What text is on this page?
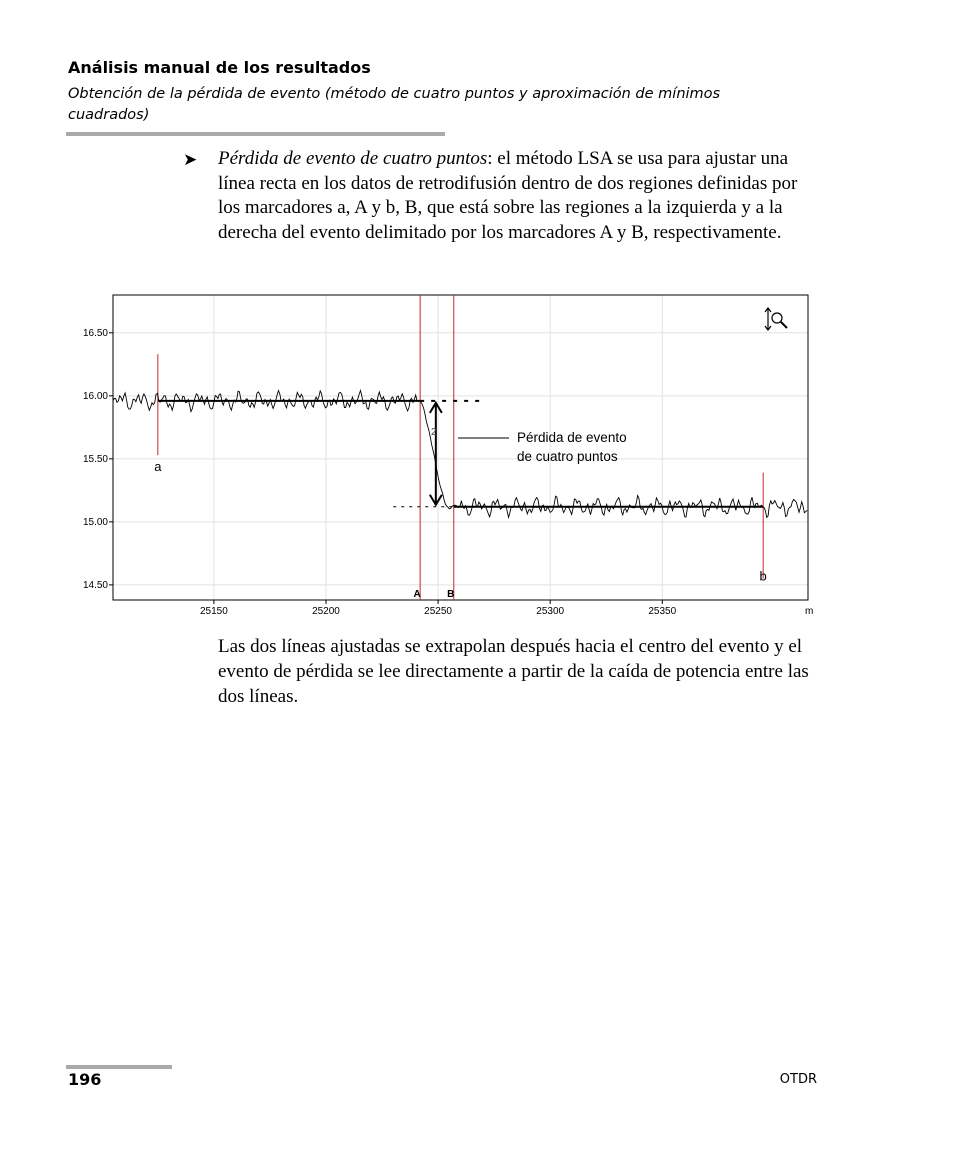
Análisis manual de los resultados
Obtención de la pérdida de evento (método de cuatro puntos y aproximación de mínimos cuadrados)
➤ Pérdida de evento de cuatro puntos: el método LSA se usa para ajustar una línea recta en los datos de retrodifusión dentro de dos regiones definidas por los marcadores a, A y b, B, que está sobre las regiones a la izquierda y a la derecha del evento delimitado por los marcadores A y B, respectivamente.
16.50
16.00
15.50
15.00
14.50
25150	25200	25250	25300	25350	m
a
A	B
b
Pérdida de evento
de cuatro puntos
2
Las dos líneas ajustadas se extrapolan después hacia el centro del evento y el evento de pérdida se lee directamente a partir de la caída de potencia entre las dos líneas.
196	OTDR
